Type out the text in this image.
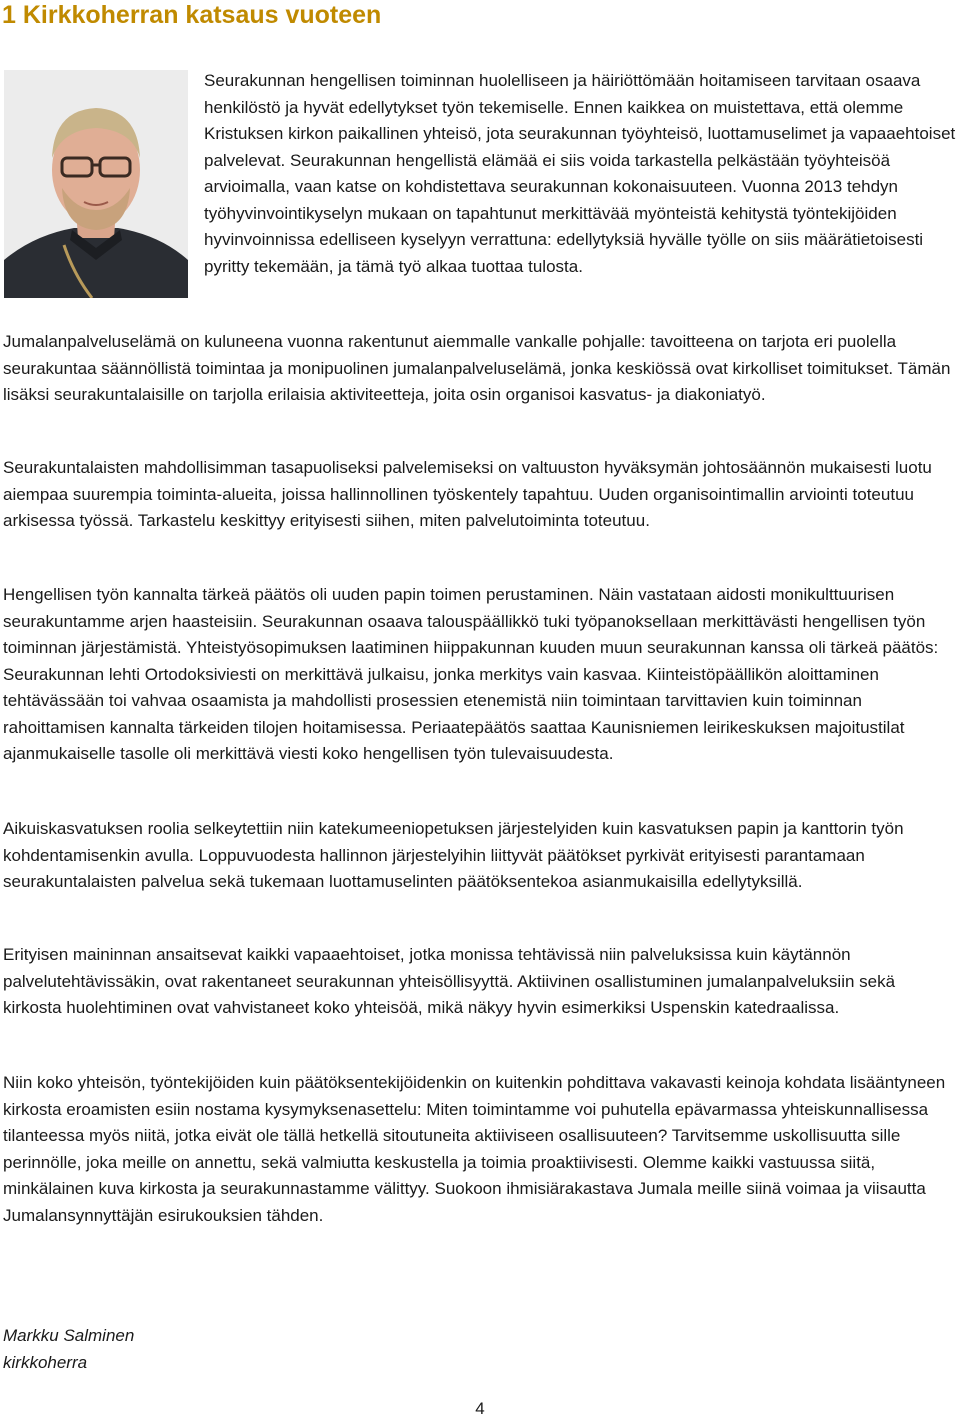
1 Kirkkoherran katsaus vuoteen

Seurakunnan hengellisen toiminnan huolelliseen ja häiriöttömään hoitamiseen tarvitaan osaava henkilöstö ja hyvät edellytykset työn tekemiselle. Ennen kaikkea on muistettava, että olemme Kristuksen kirkon paikallinen yhteisö, jota seurakunnan työyhteisö, luottamuselimet ja vapaaehtoiset palvelevat. Seurakunnan hengellistä elämää ei siis voida tarkastella pelkästään työyhteisöä arvioimalla, vaan katse on kohdistettava seurakunnan kokonaisuuteen. Vuonna 2013 tehdyn työhyvinvointikyselyn mukaan on tapahtunut merkittävää myönteistä kehitystä työntekijöiden hyvinvoinnissa edelliseen kyselyyn verrattuna: edellytyksiä hyvälle työlle on siis määrätietoisesti pyritty tekemään, ja tämä työ alkaa tuottaa tulosta.

Jumalanpalveluselämä on kuluneena vuonna rakentunut aiemmalle vankalle pohjalle: tavoitteena on tarjota eri puolella seurakuntaa säännöllistä toimintaa ja monipuolinen jumalanpalveluselämä, jonka keskiössä ovat kirkolliset toimitukset. Tämän lisäksi seurakuntalaisille on tarjolla erilaisia aktiviteetteja, joita osin organisoi kasvatus- ja diakoniatyö.

Seurakuntalaisten mahdollisimman tasapuoliseksi palvelemiseksi on valtuuston hyväksymän johtosäännön mukaisesti luotu aiempaa suurempia toiminta-alueita, joissa hallinnollinen työskentely tapahtuu. Uuden organisointimallin arviointi toteutuu arkisessa työssä. Tarkastelu keskittyy erityisesti siihen, miten palvelutoiminta toteutuu.

Hengellisen työn kannalta tärkeä päätös oli uuden papin toimen perustaminen. Näin vastataan aidosti monikulttuurisen seurakuntamme arjen haasteisiin. Seurakunnan osaava talouspäällikkö tuki työpanoksellaan merkittävästi hengellisen työn toiminnan järjestämistä. Yhteistyösopimuksen laatiminen hiippakunnan kuuden muun seurakunnan kanssa oli tärkeä päätös: Seurakunnan lehti Ortodoksiviesti on merkittävä julkaisu, jonka merkitys vain kasvaa. Kiinteistöpäällikön aloittaminen tehtävässään toi vahvaa osaamista ja mahdollisti prosessien etenemistä niin toimintaan tarvittavien kuin toiminnan rahoittamisen kannalta tärkeiden tilojen hoitamisessa. Periaatepäätös saattaa Kaunisniemen leirikeskuksen majoitustilat ajanmukaiselle tasolle oli merkittävä viesti koko hengellisen työn tulevaisuudesta.

Aikuiskasvatuksen roolia selkeytettiin niin katekumeeniopetuksen järjestelyiden kuin kasvatuksen papin ja kanttorin työn kohdentamisenkin avulla. Loppuvuodesta hallinnon järjestelyihin liittyvät päätökset pyrkivät erityisesti parantamaan seurakuntalaisten palvelua sekä tukemaan luottamuselinten päätöksentekoa asianmukaisilla edellytyksillä.

Erityisen maininnan ansaitsevat kaikki vapaaehtoiset, jotka monissa tehtävissä niin palveluksissa kuin käytännön palvelutehtävissäkin, ovat rakentaneet seurakunnan yhteisöllisyyttä. Aktiivinen osallistuminen jumalanpalveluksiin sekä kirkosta huolehtiminen ovat vahvistaneet koko yhteisöä, mikä näkyy hyvin esimerkiksi Uspenskin katedraalissa.

Niin koko yhteisön, työntekijöiden kuin päätöksentekijöidenkin on kuitenkin pohdittava vakavasti keinoja kohdata lisääntyneen kirkosta eroamisten esiin nostama kysymyksenasettelu: Miten toimintamme voi puhutella epävarmassa yhteiskunnallisessa tilanteessa myös niitä, jotka eivät ole tällä hetkellä sitoutuneita aktiiviseen osallisuuteen? Tarvitsemme uskollisuutta sille perinnölle, joka meille on annettu, sekä valmiutta keskustella ja toimia proaktiivisesti. Olemme kaikki vastuussa siitä, minkälainen kuva kirkosta ja seurakunnastamme välittyy. Suokoon ihmisiärakastava Jumala meille siinä voimaa ja viisautta Jumalansynnyttäjän esirukouksien tähden.

Markku Salminen

kirkkoherra

4
